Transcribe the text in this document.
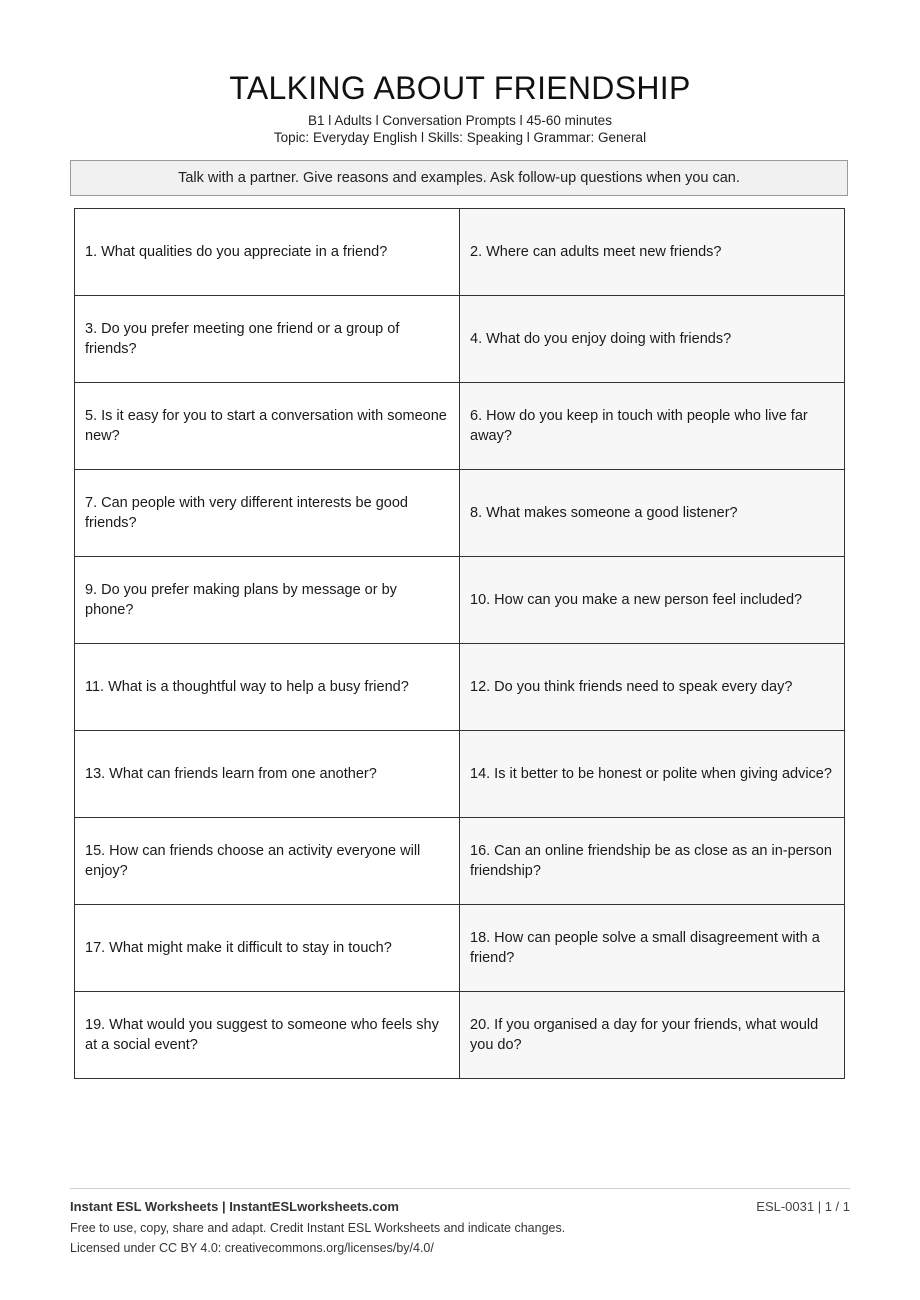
TALKING ABOUT FRIENDSHIP
B1 l Adults l Conversation Prompts l 45-60 minutes
Topic: Everyday English l Skills: Speaking l Grammar: General
Talk with a partner. Give reasons and examples. Ask follow-up questions when you can.
1. What qualities do you appreciate in a friend?	2. Where can adults meet new friends?
3. Do you prefer meeting one friend or a group of friends?	4. What do you enjoy doing with friends?
5. Is it easy for you to start a conversation with someone new?	6. How do you keep in touch with people who live far away?
7. Can people with very different interests be good friends?	8. What makes someone a good listener?
9. Do you prefer making plans by message or by phone?	10. How can you make a new person feel included?
11. What is a thoughtful way to help a busy friend?	12. Do you think friends need to speak every day?
13. What can friends learn from one another?	14. Is it better to be honest or polite when giving advice?
15. How can friends choose an activity everyone will enjoy?	16. Can an online friendship be as close as an in-person friendship?
17. What might make it difficult to stay in touch?	18. How can people solve a small disagreement with a friend?
19. What would you suggest to someone who feels shy at a social event?	20. If you organised a day for your friends, what would you do?
Instant ESL Worksheets | InstantESLworksheets.com	ESL-0031 | 1 / 1
Free to use, copy, share and adapt. Credit Instant ESL Worksheets and indicate changes.
Licensed under CC BY 4.0: creativecommons.org/licenses/by/4.0/
